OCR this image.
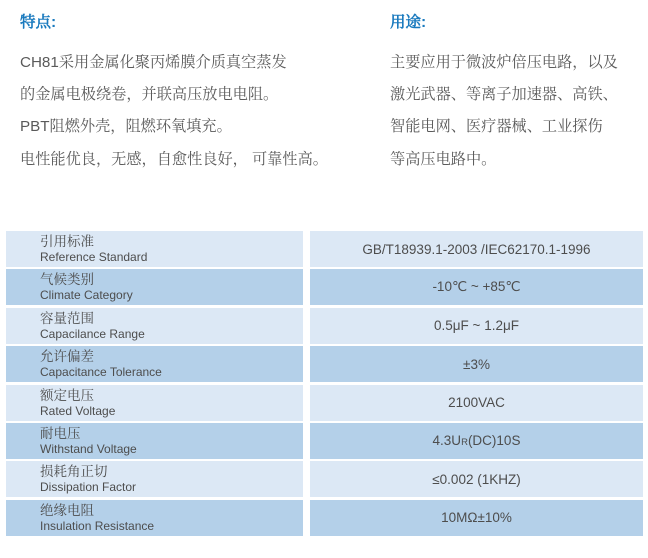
特点:
CH81采用金属化聚丙烯膜介质真空蒸发
的金属电极绕卷，并联高压放电电阻。
PBT阻燃外壳，阻燃环氧填充。
电性能优良，无感，自愈性良好， 可靠性高。
用途:
主要应用于微波炉倍压电路，以及
激光武器、等离子加速器、高铁、
智能电网、医疗器械、工业探伤
等高压电路中。
引用标准
Reference Standard
GB/T18939.1-2003 /IEC62170.1-1996
气候类别
Climate Category
-10℃ ~ +85℃
容量范围
Capacilance Range
0.5μF ~ 1.2μF
允许偏差
Capacitance Tolerance
±3%
额定电压
Rated Voltage
2100VAC
耐电压
Withstand Voltage
4.3U R (DC)10S
损耗角正切
Dissipation Factor
≤0.002 (1KHZ)
绝缘电阻
Insulation Resistance
10MΩ±10%
